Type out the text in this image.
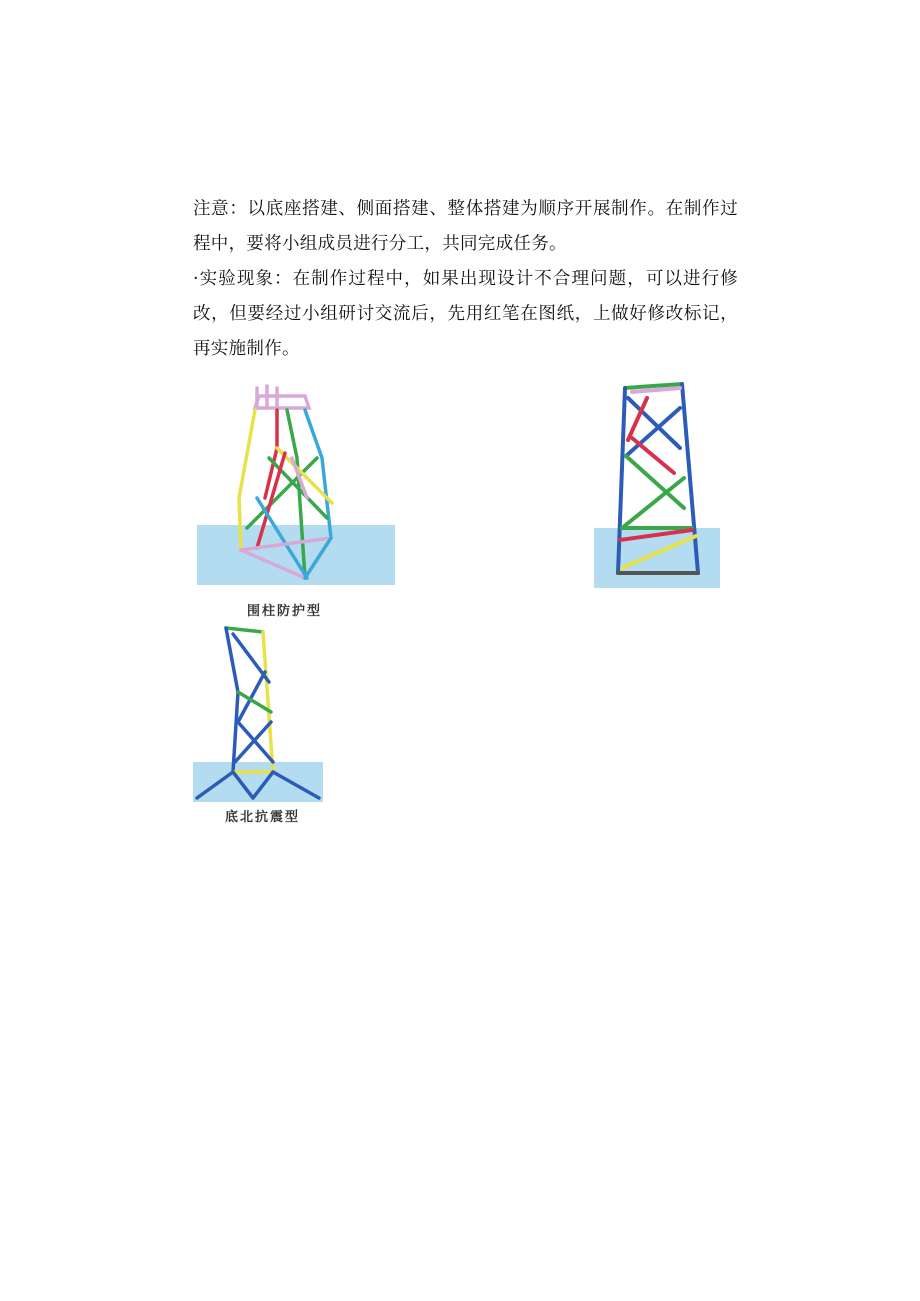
注意：以底座搭建、侧面搭建、整体搭建为顺序开展制作。在制作过程中，要将小组成员进行分工，共同完成任务。
·实验现象：在制作过程中，如果出现设计不合理问题，可以进行修改，但要经过小组研讨交流后，先用红笔在图纸，上做好修改标记，再实施制作。
围柱防护型
底北抗震型
